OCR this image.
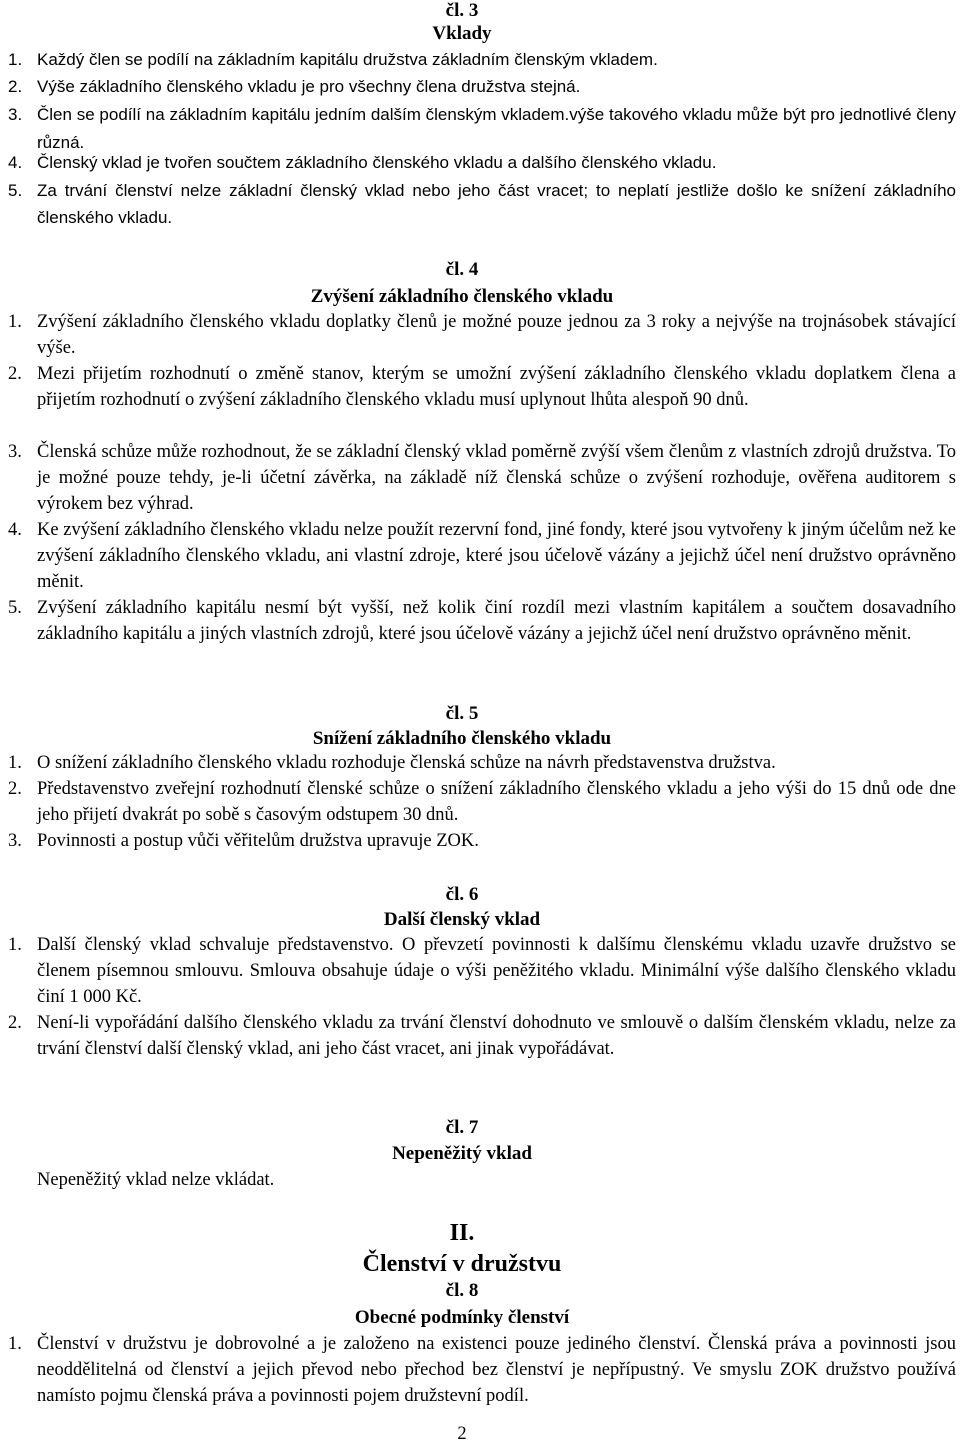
čl. 3
Vklady
1. Každý člen se podílí na základním kapitálu družstva základním členským vkladem.
2. Výše základního členského vkladu je pro všechny člena družstva stejná.
3. Člen se podílí na základním kapitálu jedním dalším členským vkladem.výše takového vkladu může být pro jednotlivé členy různá.
4. Členský vklad je tvořen součtem základního členského vkladu a dalšího členského vkladu.
5. Za trvání členství nelze základní členský vklad nebo jeho část vracet; to neplatí jestliže došlo ke snížení základního členského vkladu.
čl. 4
Zvýšení základního členského vkladu
1. Zvýšení základního členského vkladu doplatky členů je možné pouze jednou za 3 roky a nejvýše na trojnásobek stávající výše.
2. Mezi přijetím rozhodnutí o změně stanov, kterým se umožní zvýšení základního členského vkladu doplatkem člena a přijetím rozhodnutí o zvýšení základního členského vkladu musí uplynout lhůta alespoň 90 dnů.
3. Členská schůze může rozhodnout, že se základní členský vklad poměrně zvýší všem členům z vlastních zdrojů družstva. To je možné pouze tehdy, je-li účetní závěrka, na základě níž členská schůze o zvýšení rozhoduje, ověřena auditorem s výrokem bez výhrad.
4. Ke zvýšení základního členského vkladu nelze použít rezervní fond, jiné fondy, které jsou vytvořeny k jiným účelům než ke zvýšení základního členského vkladu, ani vlastní zdroje, které jsou účelově vázány a jejichž účel není družstvo oprávněno měnit.
5. Zvýšení základního kapitálu nesmí být vyšší, než kolik činí rozdíl mezi vlastním kapitálem a součtem dosavadního základního kapitálu a jiných vlastních zdrojů, které jsou účelově vázány a jejichž účel není družstvo oprávněno měnit.
čl. 5
Snížení základního členského vkladu
1. O snížení základního členského vkladu rozhoduje členská schůze na návrh představenstva družstva.
2. Představenstvo zveřejní rozhodnutí členské schůze o snížení základního členského vkladu a jeho výši do 15 dnů ode dne jeho přijetí dvakrát po sobě s časovým odstupem 30 dnů.
3. Povinnosti a postup vůči věřitelům družstva upravuje ZOK.
čl. 6
Další členský vklad
1. Další členský vklad schvaluje představenstvo. O převzetí povinnosti k dalšímu členskému vkladu uzavře družstvo se členem písemnou smlouvu. Smlouva obsahuje údaje o výši peněžitého vkladu. Minimální výše dalšího členského vkladu činí 1 000 Kč.
2. Není-li vypořádání dalšího členského vkladu za trvání členství dohodnuto ve smlouvě o dalším členském vkladu, nelze za trvání členství další členský vklad, ani jeho část vracet, ani jinak vypořádávat.
čl. 7
Nepeněžitý vklad
Nepeněžitý vklad nelze vkládat.
II.
Členství v družstvu
čl. 8
Obecné podmínky členství
1. Členství v družstvu je dobrovolné a je založeno na existenci pouze jediného členství. Členská práva a povinnosti jsou neoddělitelná od členství a jejich převod nebo přechod bez členství je nepřípustný. Ve smyslu ZOK družstvo používá namísto pojmu členská práva a povinnosti pojem družstevní podíl.
2
